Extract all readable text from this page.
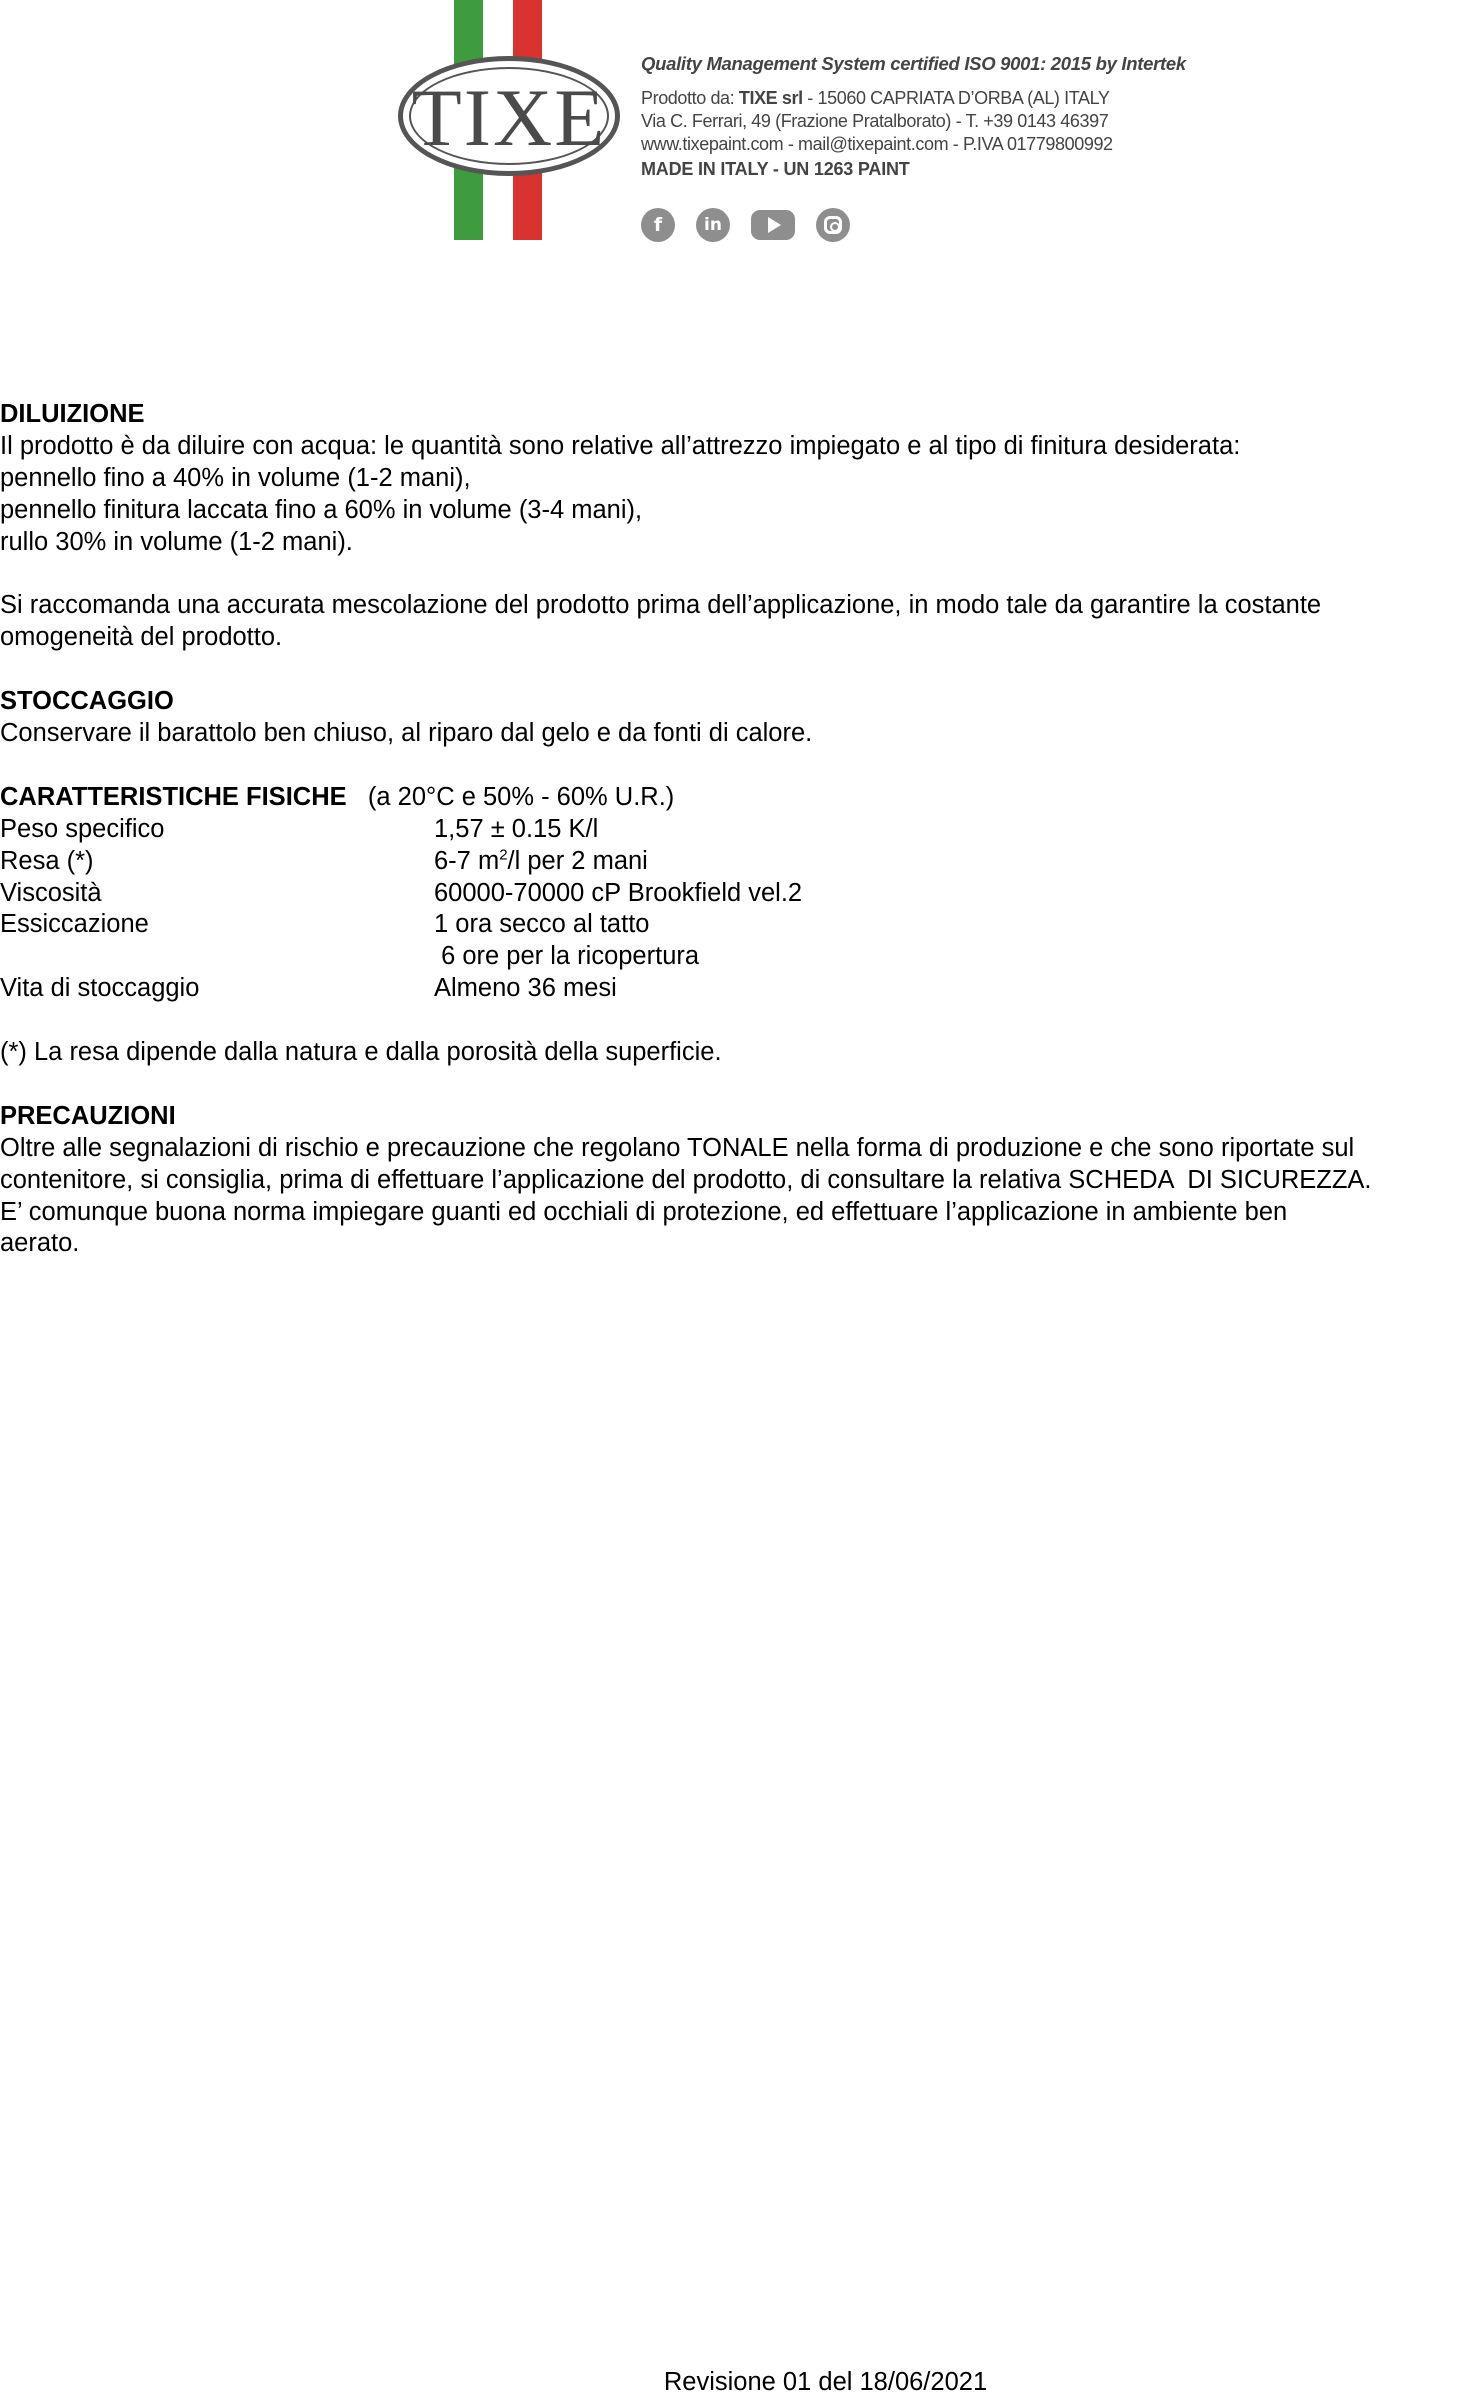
TIXE
Quality Management System certified ISO 9001: 2015 by Intertek
Prodotto da: TIXE srl - 15060 CAPRIATA D’ORBA (AL) ITALY
Via C. Ferrari, 49 (Frazione Pratalborato) - T. +39 0143 46397
www.tixepaint.com - mail@tixepaint.com - P.IVA 01779800992
MADE IN ITALY - UN 1263 PAINT
f	in

DILUIZIONE

Il prodotto è da diluire con acqua: le quantità sono relative all’attrezzo impiegato e al tipo di finitura desiderata:

pennello fino a 40% in volume (1-2 mani),

pennello finitura laccata fino a 60% in volume (3-4 mani),

rullo 30% in volume (1-2 mani).

Si raccomanda una accurata mescolazione del prodotto prima dell’applicazione, in modo tale da garantire la costante

omogeneità del prodotto.

STOCCAGGIO

Conservare il barattolo ben chiuso, al riparo dal gelo e da fonti di calore.

CARATTERISTICHE FISICHE (a 20°C e 50% - 60% U.R.)

Peso specifico	1,57 ± 0.15 K/l
Resa (*)	6-7 $m^2/l$ per 2 mani
Viscosità	60000-70000 cP Brookfield vel.2
Essiccazione	1 ora secco al tatto
6 ore per la ricopertura
Vita di stoccaggio	Almeno 36 mesi

(*) La resa dipende dalla natura e dalla porosità della superficie.

PRECAUZIONI

Oltre alle segnalazioni di rischio e precauzione che regolano TONALE nella forma di produzione e che sono riportate sul

contenitore, si consiglia, prima di effettuare l’applicazione del prodotto, di consultare la relativa SCHEDA  DI SICUREZZA.

E’ comunque buona norma impiegare guanti ed occhiali di protezione, ed effettuare l’applicazione in ambiente ben

aerato.

Revisione 01 del 18/06/2021
